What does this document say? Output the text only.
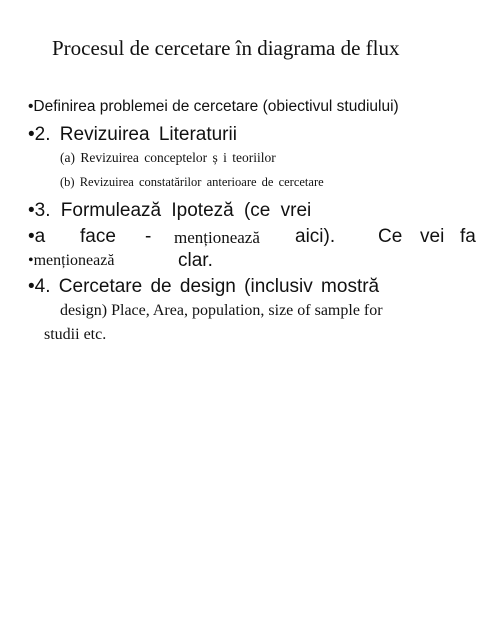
Procesul de cercetare în diagrama de flux

•Definirea problemei de cercetare (obiectivul studiului)

•2. Revizuirea Literaturii

(a) Revizuirea conceptelor ș i teoriilor

(b) Revizuirea constatărilor anterioare de cercetare

•3. Formulează Ipoteză (ce vrei

•a face - menționează aici). Ce vei fa
•menționează	clar.

•4. Cercetare de design (inclusiv mostră

design) Place, Area, population, size of sample for

studii etc.
